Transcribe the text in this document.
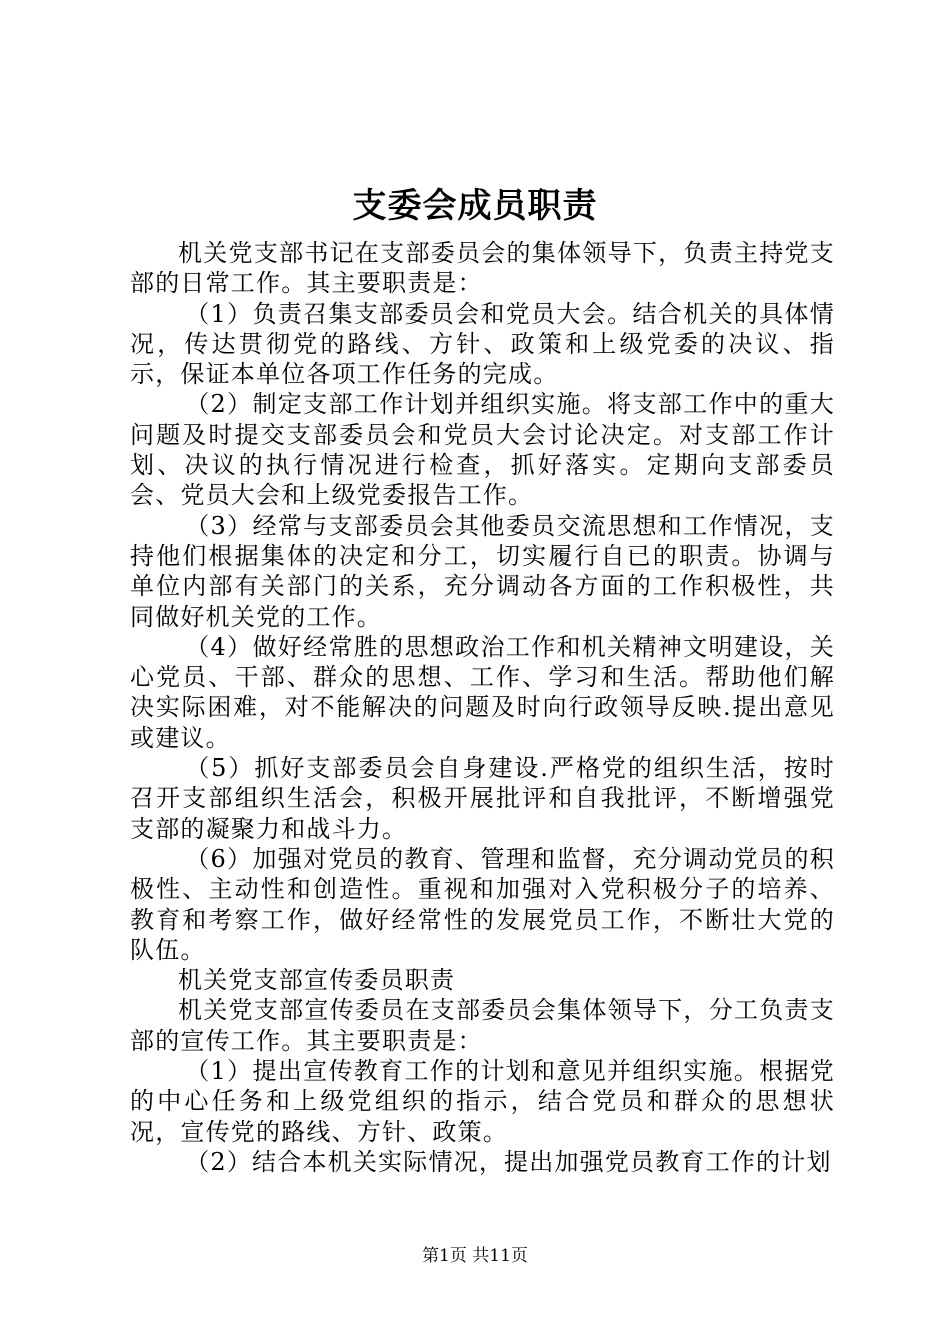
支委会成员职责

机关党支部书记在支部委员会的集体领导下，负责主持党支部的日常工作。其主要职责是：

（1）负责召集支部委员会和党员大会。结合机关的具体情况，传达贯彻党的路线、方针、政策和上级党委的决议、指示，保证本单位各项工作任务的完成。

（2）制定支部工作计划并组织实施。将支部工作中的重大问题及时提交支部委员会和党员大会讨论决定。对支部工作计划、决议的执行情况进行检查，抓好落实。定期向支部委员会、党员大会和上级党委报告工作。

（3）经常与支部委员会其他委员交流思想和工作情况，支持他们根据集体的决定和分工，切实履行自已的职责。协调与单位内部有关部门的关系，充分调动各方面的工作积极性，共同做好机关党的工作。

（4）做好经常胜的思想政治工作和机关精神文明建设，关心党员、干部、群众的思想、工作、学习和生活。帮助他们解决实际困难，对不能解决的问题及时向行政领导反映.提出意见或建议。

（5）抓好支部委员会自身建设.严格党的组织生活，按时召开支部组织生活会，积极开展批评和自我批评，不断增强党支部的凝聚力和战斗力。

（6）加强对党员的教育、管理和监督，充分调动党员的积极性、主动性和创造性。重视和加强对入党积极分子的培养、教育和考察工作，做好经常性的发展党员工作，不断壮大党的队伍。

机关党支部宣传委员职责

机关党支部宣传委员在支部委员会集体领导下，分工负责支部的宣传工作。其主要职责是：

（1）提出宣传教育工作的计划和意见并组织实施。根据党的中心任务和上级党组织的指示，结合党员和群众的思想状况，宣传党的路线、方针、政策。

（2）结合本机关实际情况，提出加强党员教育工作的计划

第1页 共11页
